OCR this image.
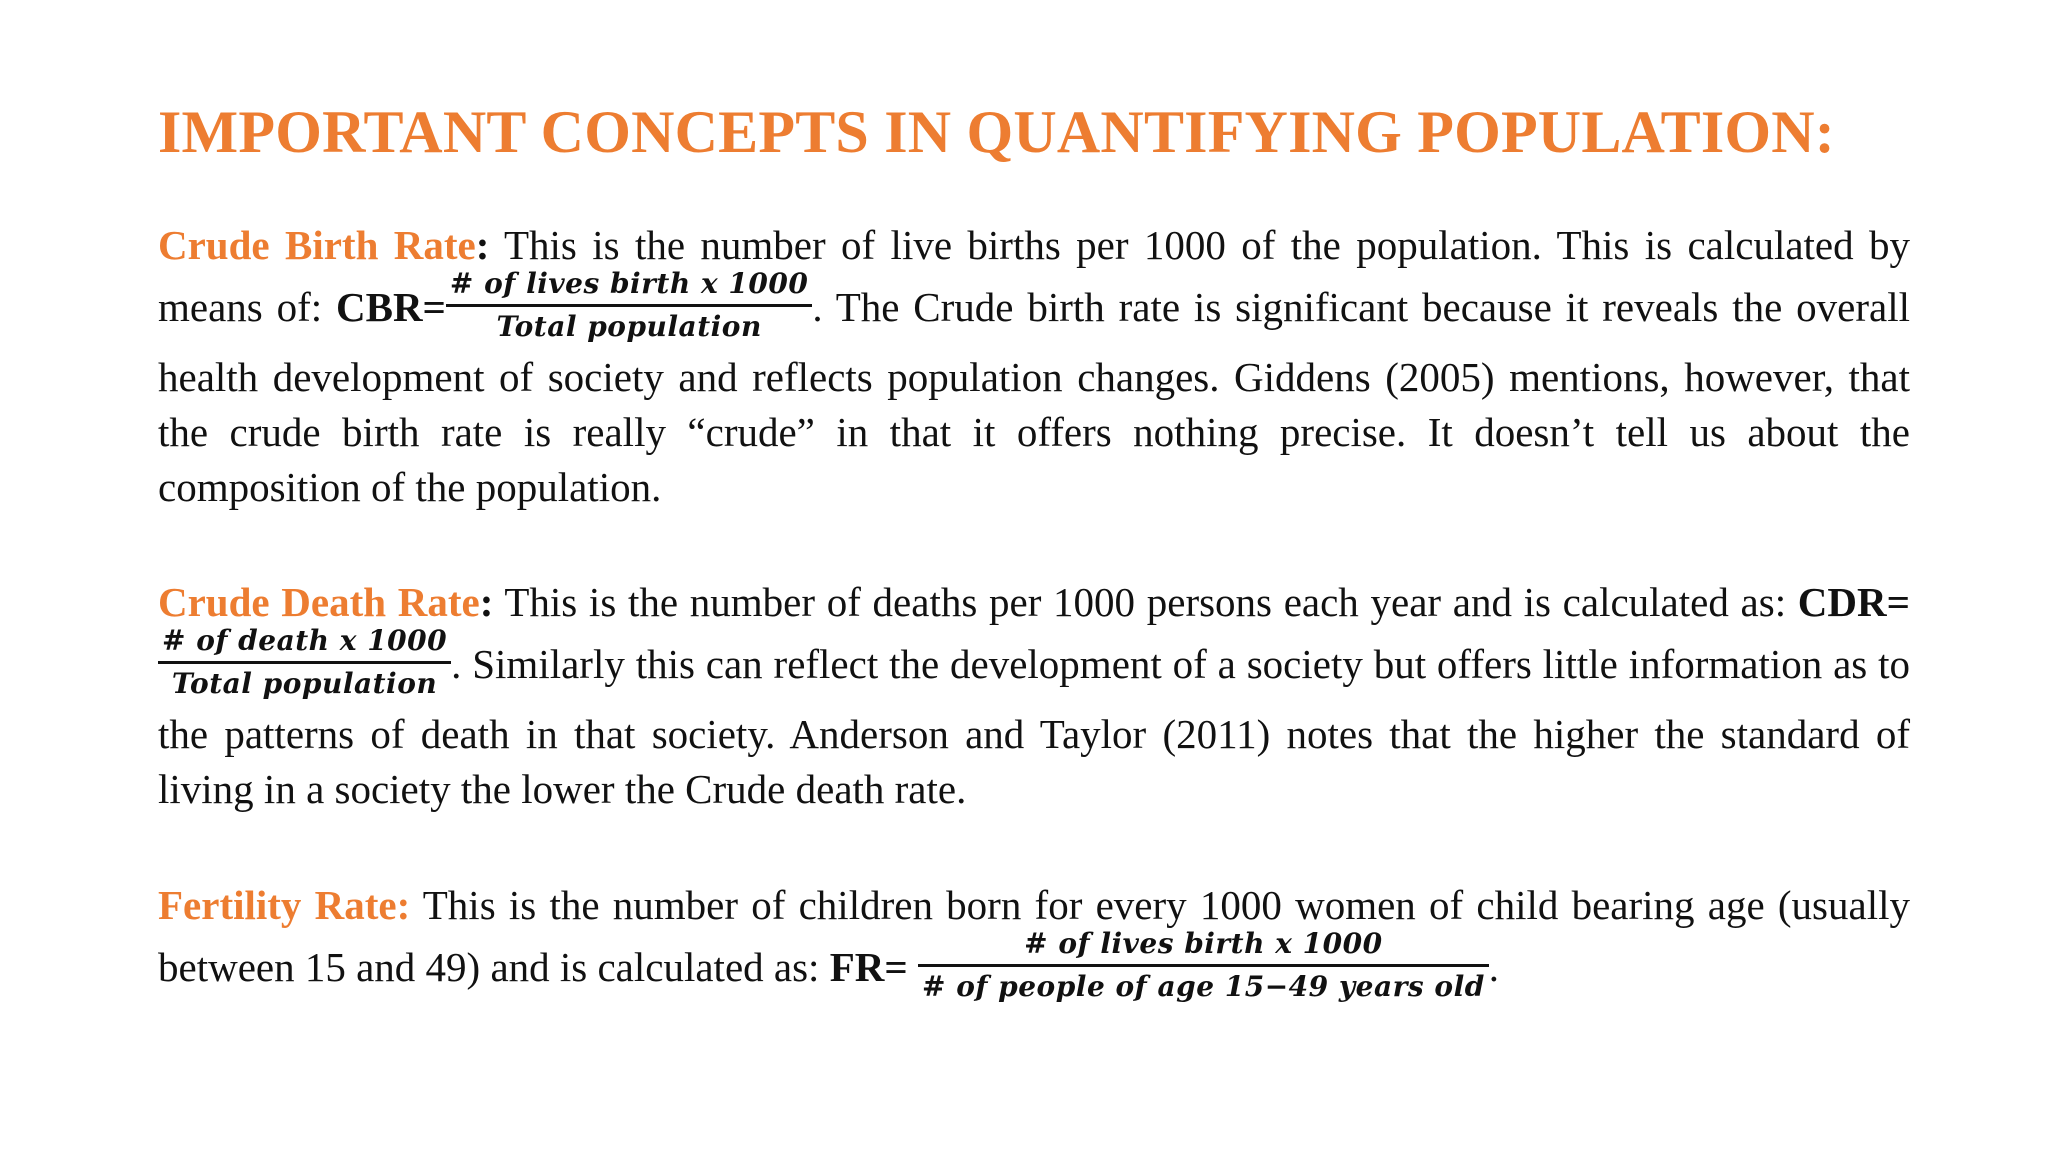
IMPORTANT CONCEPTS IN QUANTIFYING POPULATION:

Crude Birth Rate: This is the number of live births per 1000 of the population. This is calculated by means of: $CBR= \frac{\text{\# of lives birth x 1000}}{\text{Total population}}$ . The Crude birth rate is significant because it reveals the overall health development of society and reflects population changes. Giddens (2005) mentions, however, that the crude birth rate is really “crude” in that it offers nothing precise. It doesn’t tell us about the composition of the population.

Crude Death Rate: This is the number of deaths per 1000 persons each year and is calculated as: CDR=
$\frac{\text{\# of death x 1000}}{\text{Total population}}$ . Similarly this can reflect the development of a society but offers little information as to the patterns of death in that society. Anderson and Taylor (2011) notes that the higher the standard of living in a society the lower the Crude death rate.

Fertility Rate: This is the number of children born for every 1000 women of child bearing age (usually between 15 and 49) and is calculated as: $FR= \frac{\text{\# of lives birth x 1000}}{\text{\# of people of age 15−49 years old}}$ .
